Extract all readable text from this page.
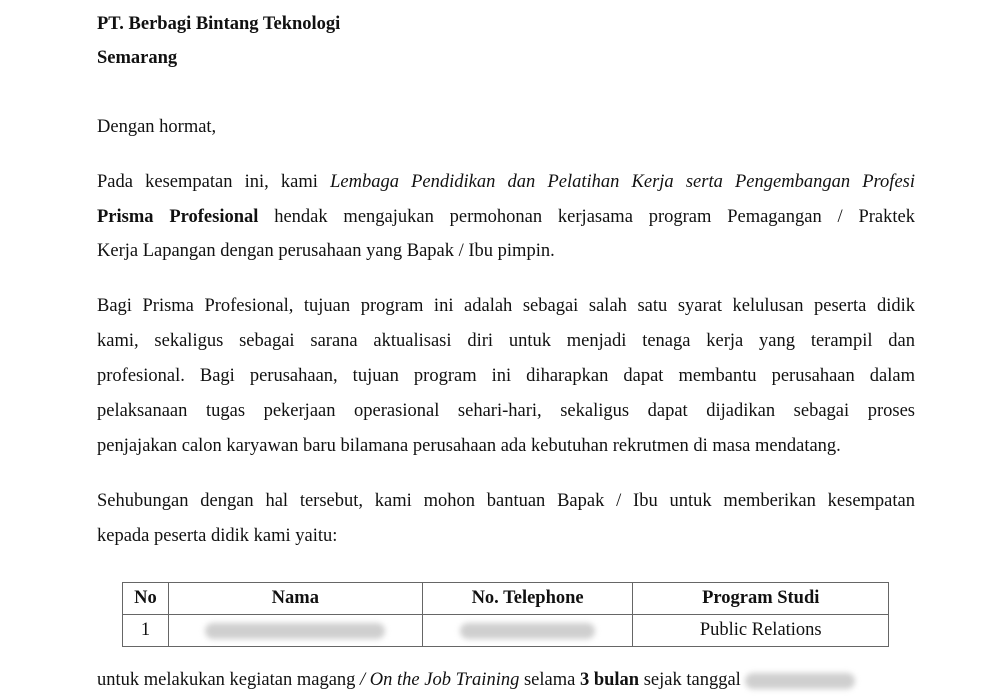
PT. Berbagi Bintang Teknologi
Semarang
Dengan hormat,
Pada kesempatan ini, kami Lembaga Pendidikan dan Pelatihan Kerja serta Pengembangan Profesi
Prisma Profesional hendak mengajukan permohonan kerjasama program Pemagangan / Praktek
Kerja Lapangan dengan perusahaan yang Bapak / Ibu pimpin.
Bagi Prisma Profesional, tujuan program ini adalah sebagai salah satu syarat kelulusan peserta didik
kami, sekaligus sebagai sarana aktualisasi diri untuk menjadi tenaga kerja yang terampil dan
profesional. Bagi perusahaan, tujuan program ini diharapkan dapat membantu perusahaan dalam
pelaksanaan tugas pekerjaan operasional sehari-hari, sekaligus dapat dijadikan sebagai proses
penjajakan calon karyawan baru bilamana perusahaan ada kebutuhan rekrutmen di masa mendatang.
Sehubungan dengan hal tersebut, kami mohon bantuan Bapak / Ibu untuk memberikan kesempatan
kepada peserta didik kami yaitu:
No	Nama	No. Telephone	Program Studi
1			Public Relations
untuk melakukan kegiatan magang / On the Job Training selama 3 bulan sejak tanggal
